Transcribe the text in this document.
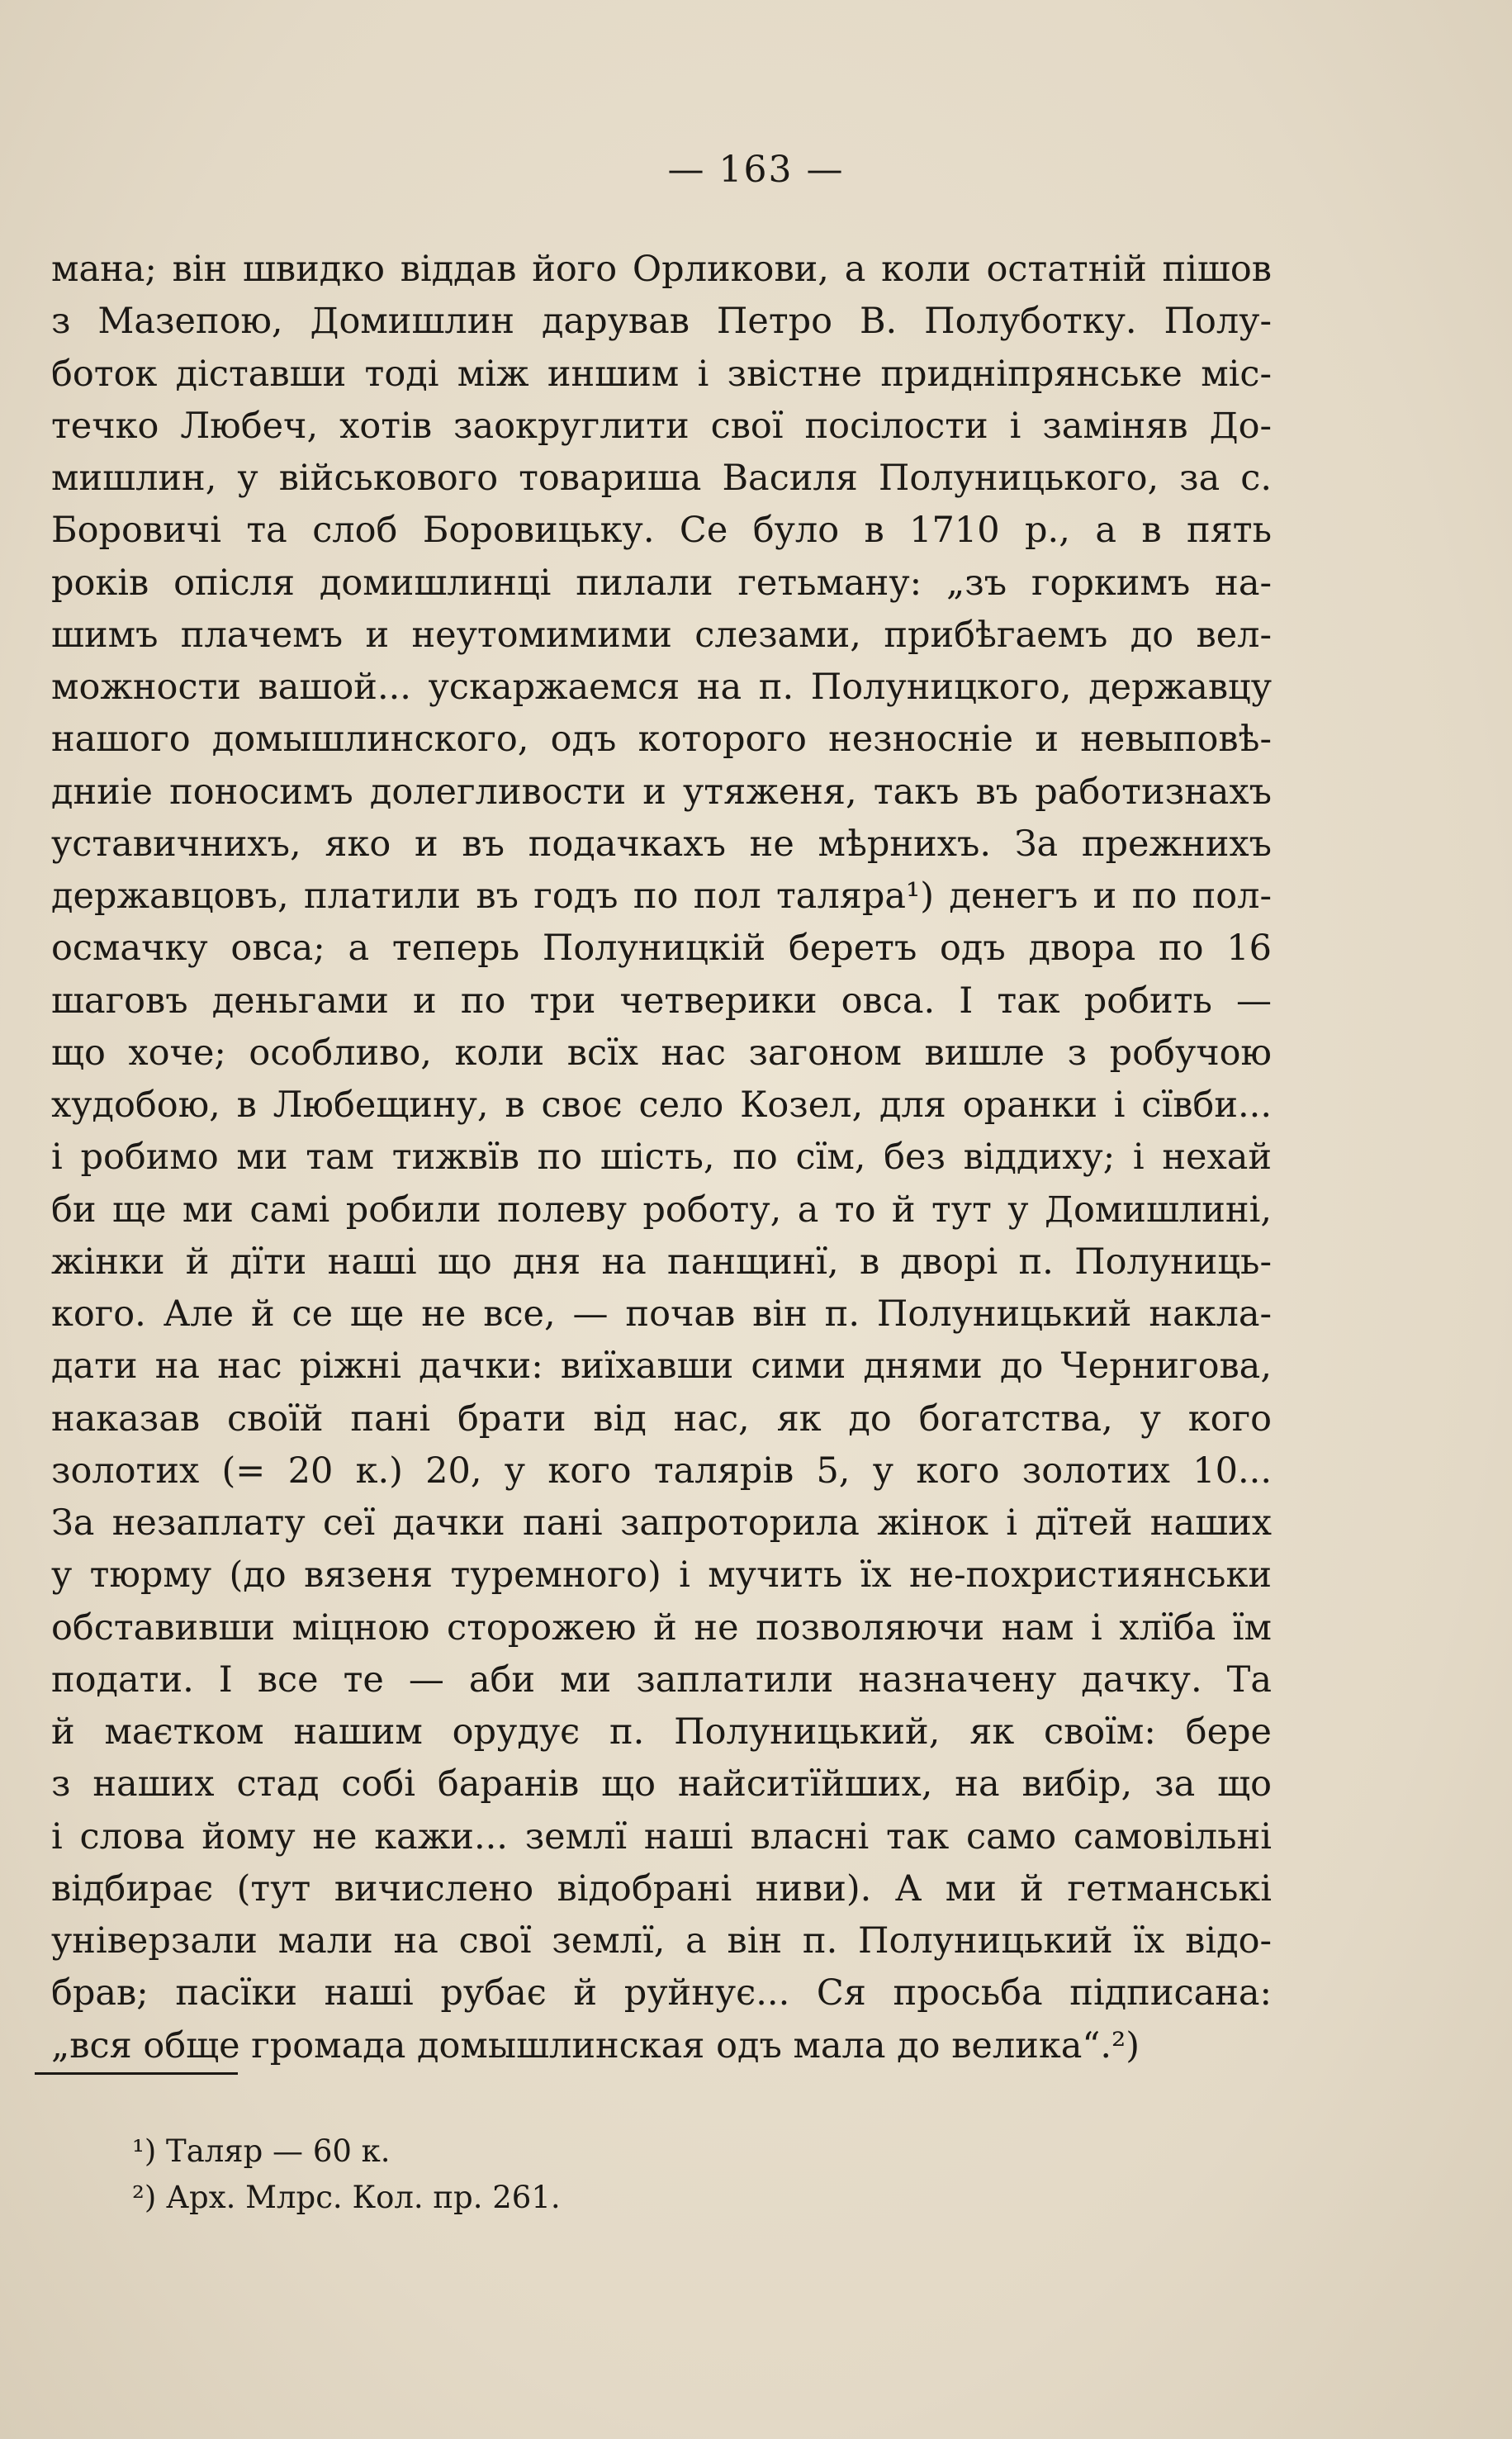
— 163 —
мана; він швидко віддав його Орликови, а коли остатній пішов
з Мазепою, Домишлин дарував Петро В. Полуботку. Полу-
боток діставши тоді між иншим і звістне придніпрянське міс-
течко Любеч, хотів заокруглити свої посілости і заміняв До-
мишлин, у військового товариша Василя Полуницького, за с.
Боровичі та слоб Боровицьку. Се було в 1710 р., а в пять
років опісля домишлинці пилали гетьману: „зъ горкимъ на-
шимъ плачемъ и неутомимими слезами, прибѣгаемъ до вел-
можности вашой... ускаржаемся на п. Полуницкого, державцу
нашого домышлинского, одъ которого незносніе и невыповѣ-
дниіе поносимъ долегливости и утяженя, такъ въ работизнахъ
уставичнихъ, яко и въ подачкахъ не мѣрнихъ. За прежнихъ
державцовъ, платили въ годъ по пол таляра¹) денегъ и по пол-
осмачку овса; а теперь Полуницкій беретъ одъ двора по 16
шаговъ деньгами и по три четверики овса. І так робить —
що хоче; особливо, коли всїх нас загоном вишле з робучою
худобою, в Любещину, в своє село Козел, для оранки і сївби...
і робимо ми там тижвїв по шість, по сїм, без віддиху; і нехай
би ще ми самі робили полеву роботу, а то й тут у Домишлині,
жінки й дїти наші що дня на панщинї, в дворі п. Полуниць-
кого. Але й се ще не все, — почав він п. Полуницький накла-
дати на нас ріжні дачки: виїхавши сими днями до Чернигова,
наказав своїй пані брати від нас, як до богатства, у кого
золотих (= 20 к.) 20, у кого талярів 5, у кого золотих 10...
За незаплату сеї дачки пані запроторила жінок і дїтей наших
у тюрму (до вязеня туремного) і мучить їх не-похристиянськи
обставивши міцною сторожею й не позволяючи нам і хлїба їм
подати. І все те — аби ми заплатили назначену дачку. Та
й маєтком нашим орудує п. Полуницький, як своїм: бере
з наших стад собі баранів що найситїйших, на вибір, за що
і слова йому не кажи... землї наші власні так само самовільні
відбирає (тут вичислено відобрані ниви). А ми й гетманські
універзали мали на свої землї, а він п. Полуницький їх відо-
брав; пасїки наші рубає й руйнує... Ся просьба підписана:
„вся обще громада домышлинская одъ мала до велика“.²)
¹) Таляр — 60 к.
²) Арх. Млрс. Кол. пр. 261.
